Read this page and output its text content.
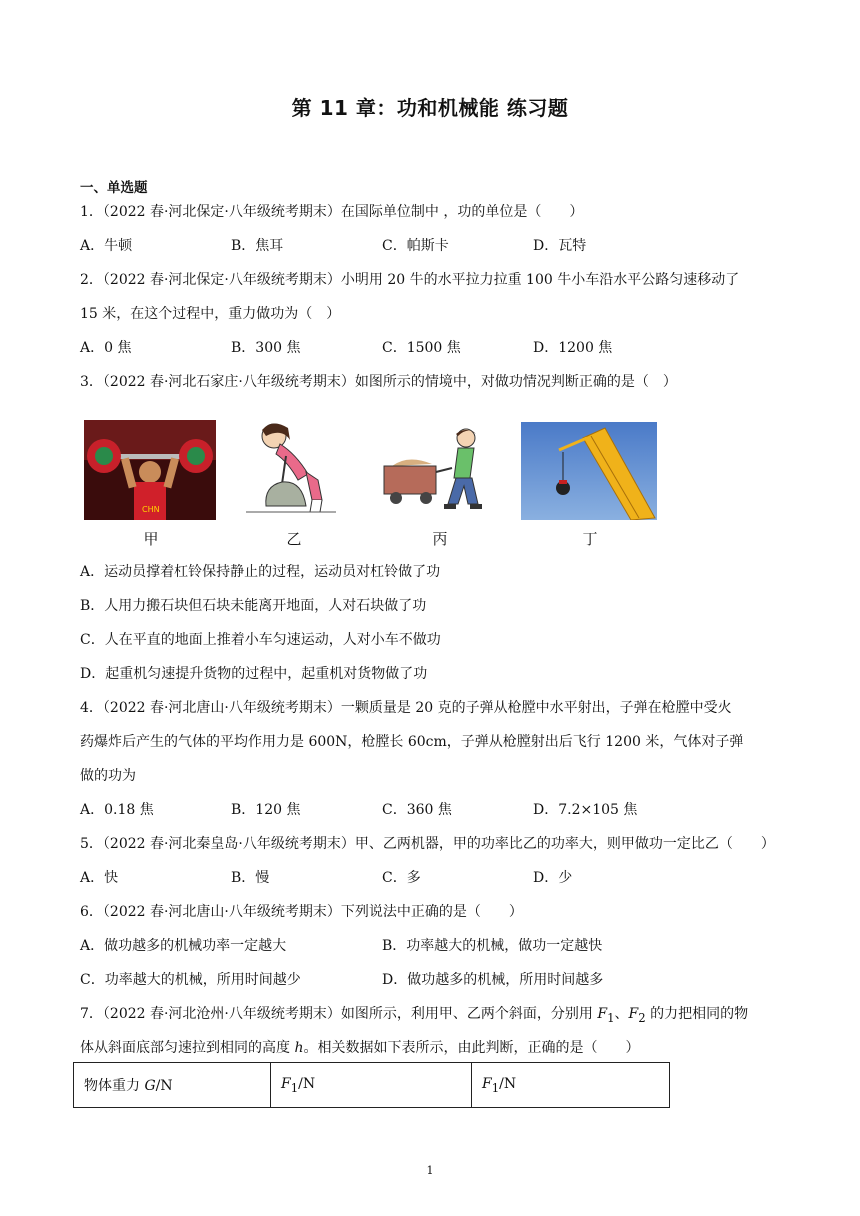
第 11 章：功和机械能 练习题
一、单选题
1．（2022 春·河北保定·八年级统考期末）在国际单位制中 ，功的单位是（　　）
A．牛顿	B．焦耳	C．帕斯卡	D．瓦特
2．（2022 春·河北保定·八年级统考期末）小明用 20 牛的水平拉力拉重 100 牛小车沿水平公路匀速移动了
15 米，在这个过程中，重力做功为（　）
A．0 焦	B．300 焦	C．1500 焦	D．1200 焦
3．（2022 春·河北石家庄·八年级统考期末）如图所示的情境中，对做功情况判断正确的是（　）
CHN
甲	乙	丙	丁
A．运动员撑着杠铃保持静止的过程，运动员对杠铃做了功
B．人用力搬石块但石块未能离开地面，人对石块做了功
C．人在平直的地面上推着小车匀速运动，人对小车不做功
D．起重机匀速提升货物的过程中，起重机对货物做了功
4．（2022 春·河北唐山·八年级统考期末）一颗质量是 20 克的子弹从枪膛中水平射出，子弹在枪膛中受火
药爆炸后产生的气体的平均作用力是 600N，枪膛长 60cm，子弹从枪膛射出后飞行 1200 米，气体对子弹
做的功为
A．0.18 焦	B．120 焦	C．360 焦	D．7.2×105 焦
5．（2022 春·河北秦皇岛·八年级统考期末）甲、乙两机器，甲的功率比乙的功率大，则甲做功一定比乙（　　）
A．快	B．慢	C．多	D．少
6．（2022 春·河北唐山·八年级统考期末）下列说法中正确的是（　　）
A．做功越多的机械功率一定越大	B．功率越大的机械，做功一定越快
C．功率越大的机械，所用时间越少	D．做功越多的机械，所用时间越多
7．（2022 春·河北沧州·八年级统考期末）如图所示，利用甲、乙两个斜面，分别用 $F_1$、$F_2$ 的力把相同的物
体从斜面底部匀速拉到相同的高度 h。相关数据如下表所示，由此判断，正确的是（　　）
物体重力 G/N	$F_1/N$	$F_1/N$
1
